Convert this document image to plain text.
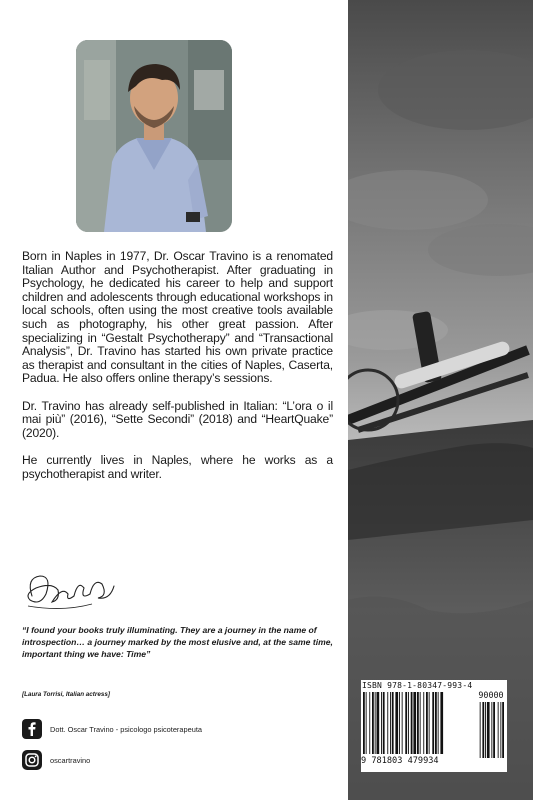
Born in Naples in 1977, Dr. Oscar Travino is a renomated Italian Author and Psychotherapist. After graduating in Psychology, he dedicated his career to help and support children and adolescents through educational workshops in local schools, often using the most creative tools available such as photography, his other great passion. After specializing in “Gestalt Psychotherapy” and “Transactional Analysis”, Dr. Travino has started his own private practice as therapist and consultant in the cities of Naples, Caserta, Padua. He also offers online therapy’s sessions.

Dr. Travino has already self-published in Italian: “L’ora o il mai più” (2016), “Sette Secondi” (2018) and “HeartQuake” (2020).

He currently lives in Naples, where he works as a psychotherapist and writer.

“I found your books truly illuminating. They are a journey in the name of introspection… a journey marked by the most elusive and, at the same time, important thing we have: Time”

[Laura Torrisi, Italian actress]

Dott. Oscar Travino - psicologo psicoterapeuta
oscartravino
ISBN 978-1-80347-993-4
9 781803 479934
90000
